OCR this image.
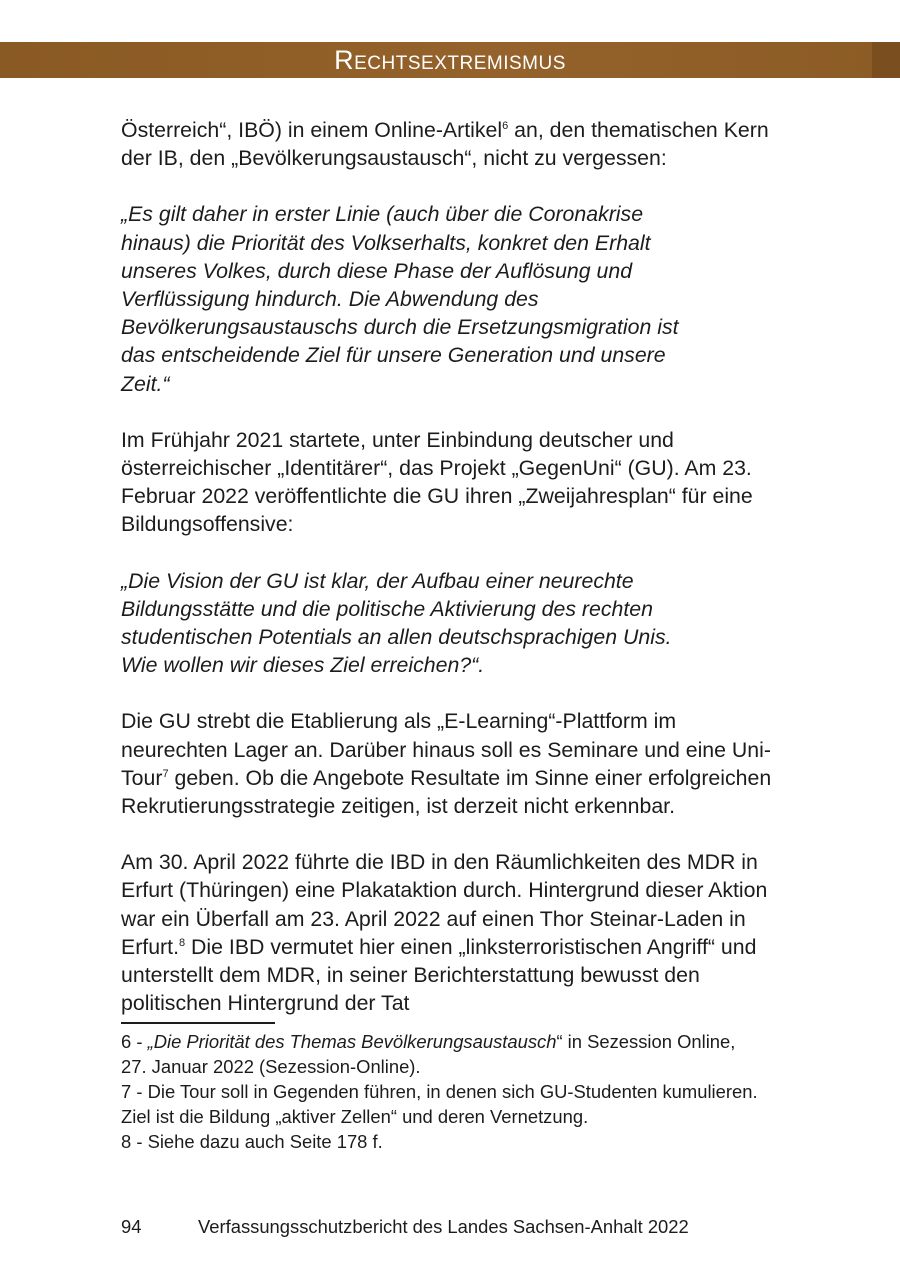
Rechtsextremismus

Österreich“, IBÖ) in einem Online-Artikel$^6$ an, den thematischen Kern der IB, den „Bevölkerungsaustausch“, nicht zu vergessen:

„Es gilt daher in erster Linie (auch über die Coronakrise hinaus) die Priorität des Volkserhalts, konkret den Erhalt unseres Volkes, durch diese Phase der Auflösung und Verflüssigung hindurch. Die Abwendung des Bevölkerungsaustauschs durch die Ersetzungsmigration ist das entscheidende Ziel für unsere Generation und unsere Zeit.“

Im Frühjahr 2021 startete, unter Einbindung deutscher und österreichischer „Identitärer“, das Projekt „GegenUni“ (GU). Am 23. Februar 2022 veröffentlichte die GU ihren „Zweijahresplan“ für eine Bildungsoffensive:

„Die Vision der GU ist klar, der Aufbau einer neurechte Bildungsstätte und die politische Aktivierung des rechten studentischen Potentials an allen deutschsprachigen Unis. Wie wollen wir dieses Ziel erreichen?“.

Die GU strebt die Etablierung als „E-Learning“-Plattform im neurechten Lager an. Darüber hinaus soll es Seminare und eine Uni-Tour$^7$ geben. Ob die Angebote Resultate im Sinne einer erfolgreichen Rekrutierungsstrategie zeitigen, ist derzeit nicht erkennbar.

Am 30. April 2022 führte die IBD in den Räumlichkeiten des MDR in Erfurt (Thüringen) eine Plakataktion durch. Hintergrund dieser Aktion war ein Überfall am 23. April 2022 auf einen Thor Steinar-Laden in Erfurt.$^8$ Die IBD vermutet hier einen „linksterroristischen Angriff“ und unterstellt dem MDR, in seiner Berichterstattung bewusst den politischen Hintergrund der Tat

6 - „Die Priorität des Themas Bevölkerungsaustausch“ in Sezession Online, 27. Januar 2022 (Sezession-Online).

7 - Die Tour soll in Gegenden führen, in denen sich GU-Studenten kumulieren. Ziel ist die Bildung „aktiver Zellen“ und deren Vernetzung.

8 - Siehe dazu auch Seite 178 f.

94	Verfassungsschutzbericht des Landes Sachsen-Anhalt 2022
